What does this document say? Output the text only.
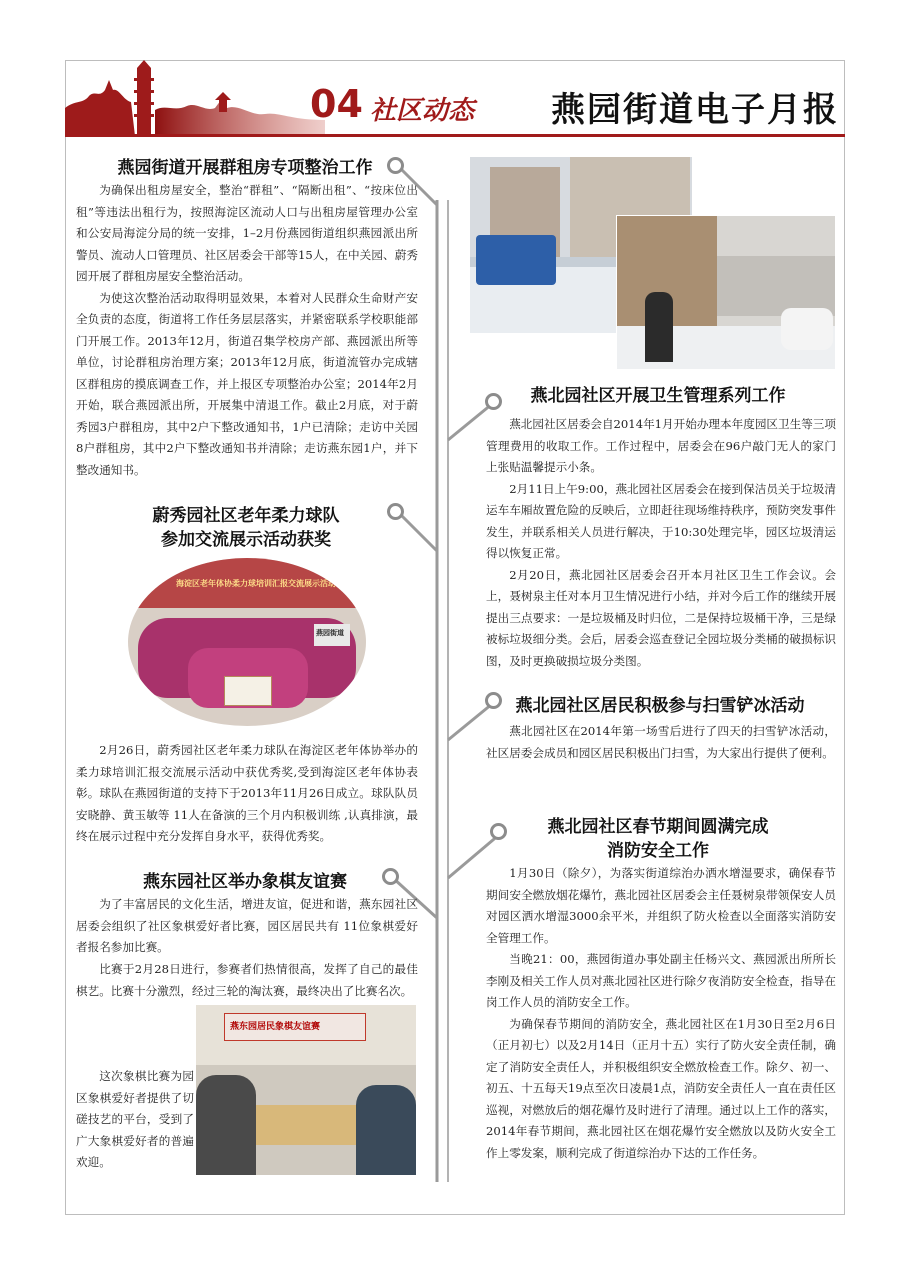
04 社区动态 燕园街道电子月报
燕园街道开展群租房专项整治工作

为确保出租房屋安全，整治“群租”、“隔断出租”、“按床位出租”等违法出租行为，按照海淀区流动人口与出租房屋管理办公室和公安局海淀分局的统一安排，1–2月份燕园街道组织燕园派出所警员、流动人口管理员、社区居委会干部等15人，在中关园、蔚秀园开展了群租房屋安全整治活动。

为使这次整治活动取得明显效果，本着对人民群众生命财产安全负责的态度，街道将工作任务层层落实，并紧密联系学校职能部门开展工作。2013年12月，街道召集学校房产部、燕园派出所等单位，讨论群租房治理方案；2013年12月底，街道流管办完成辖区群租房的摸底调查工作，并上报区专项整治办公室；2014年2月开始，联合燕园派出所，开展集中清退工作。截止2月底，对于蔚秀园3户群租房，其中2户下整改通知书，1户已清除；走访中关园8户群租房，其中2户下整改通知书并清除；走访燕东园1户，并下整改通知书。

蔚秀园社区老年柔力球队
参加交流展示活动获奖
海淀区老年体协柔力球培训汇报交流展示活动
燕园街道

2月26日，蔚秀园社区老年柔力球队在海淀区老年体协举办的柔力球培训汇报交流展示活动中获优秀奖,受到海淀区老年体协表彰。球队在燕园街道的支持下于2013年11月26日成立。球队队员安晓静、黄玉敏等 11人在备演的三个月内积极训练 ,认真排演，最终在展示过程中充分发挥自身水平，获得优秀奖。

燕东园社区举办象棋友谊赛

为了丰富居民的文化生活，增进友谊，促进和谐，燕东园社区居委会组织了社区象棋爱好者比赛，园区居民共有 11位象棋爱好者报名参加比赛。

比赛于2月28日进行，参赛者们热情很高，发挥了自己的最佳棋艺。比赛十分激烈，经过三轮的淘汰赛，最终决出了比赛名次。

这次象棋比赛为园区象棋爱好者提供了切磋技艺的平台，受到了广大象棋爱好者的普遍欢迎。

燕东园居民象棋友谊赛
燕北园社区开展卫生管理系列工作

燕北园社区居委会自2014年1月开始办理本年度园区卫生等三项管理费用的收取工作。工作过程中，居委会在96户敲门无人的家门上张贴温馨提示小条。

2月11日上午9:00，燕北园社区居委会在接到保洁员关于垃圾清运车车厢故置危险的反映后，立即赶往现场维持秩序，预防突发事件发生，并联系相关人员进行解决，于10:30处理完毕，园区垃圾清运得以恢复正常。

2月20日，燕北园社区居委会召开本月社区卫生工作会议。会上，聂树泉主任对本月卫生情况进行小结，并对今后工作的继续开展提出三点要求：一是垃圾桶及时归位，二是保持垃圾桶干净，三是绿被标垃圾细分类。会后，居委会巡查登记全园垃圾分类桶的破损标识图，及时更换破损垃圾分类图。

燕北园社区居民积极参与扫雪铲冰活动

燕北园社区在2014年第一场雪后进行了四天的扫雪铲冰活动，社区居委会成员和园区居民积极出门扫雪，为大家出行提供了便利。

燕北园社区春节期间圆满完成
消防安全工作

1月30日（除夕），为落实街道综治办洒水增湿要求，确保春节期间安全燃放烟花爆竹，燕北园社区居委会主任聂树泉带领保安人员对园区洒水增湿3000余平米，并组织了防火检查以全面落实消防安全管理工作。

当晚21：00，燕园街道办事处副主任杨兴文、燕园派出所所长李刚及相关工作人员对燕北园社区进行除夕夜消防安全检查，指导在岗工作人员的消防安全工作。

为确保春节期间的消防安全，燕北园社区在1月30日至2月6日（正月初七）以及2月14日（正月十五）实行了防火安全责任制，确定了消防安全责任人，并积极组织安全燃放检查工作。除夕、初一、初五、十五每天19点至次日凌晨1点，消防安全责任人一直在责任区巡视，对燃放后的烟花爆竹及时进行了清理。通过以上工作的落实，2014年春节期间，燕北园社区在烟花爆竹安全燃放以及防火安全工作上零发案，顺利完成了街道综治办下达的工作任务。
